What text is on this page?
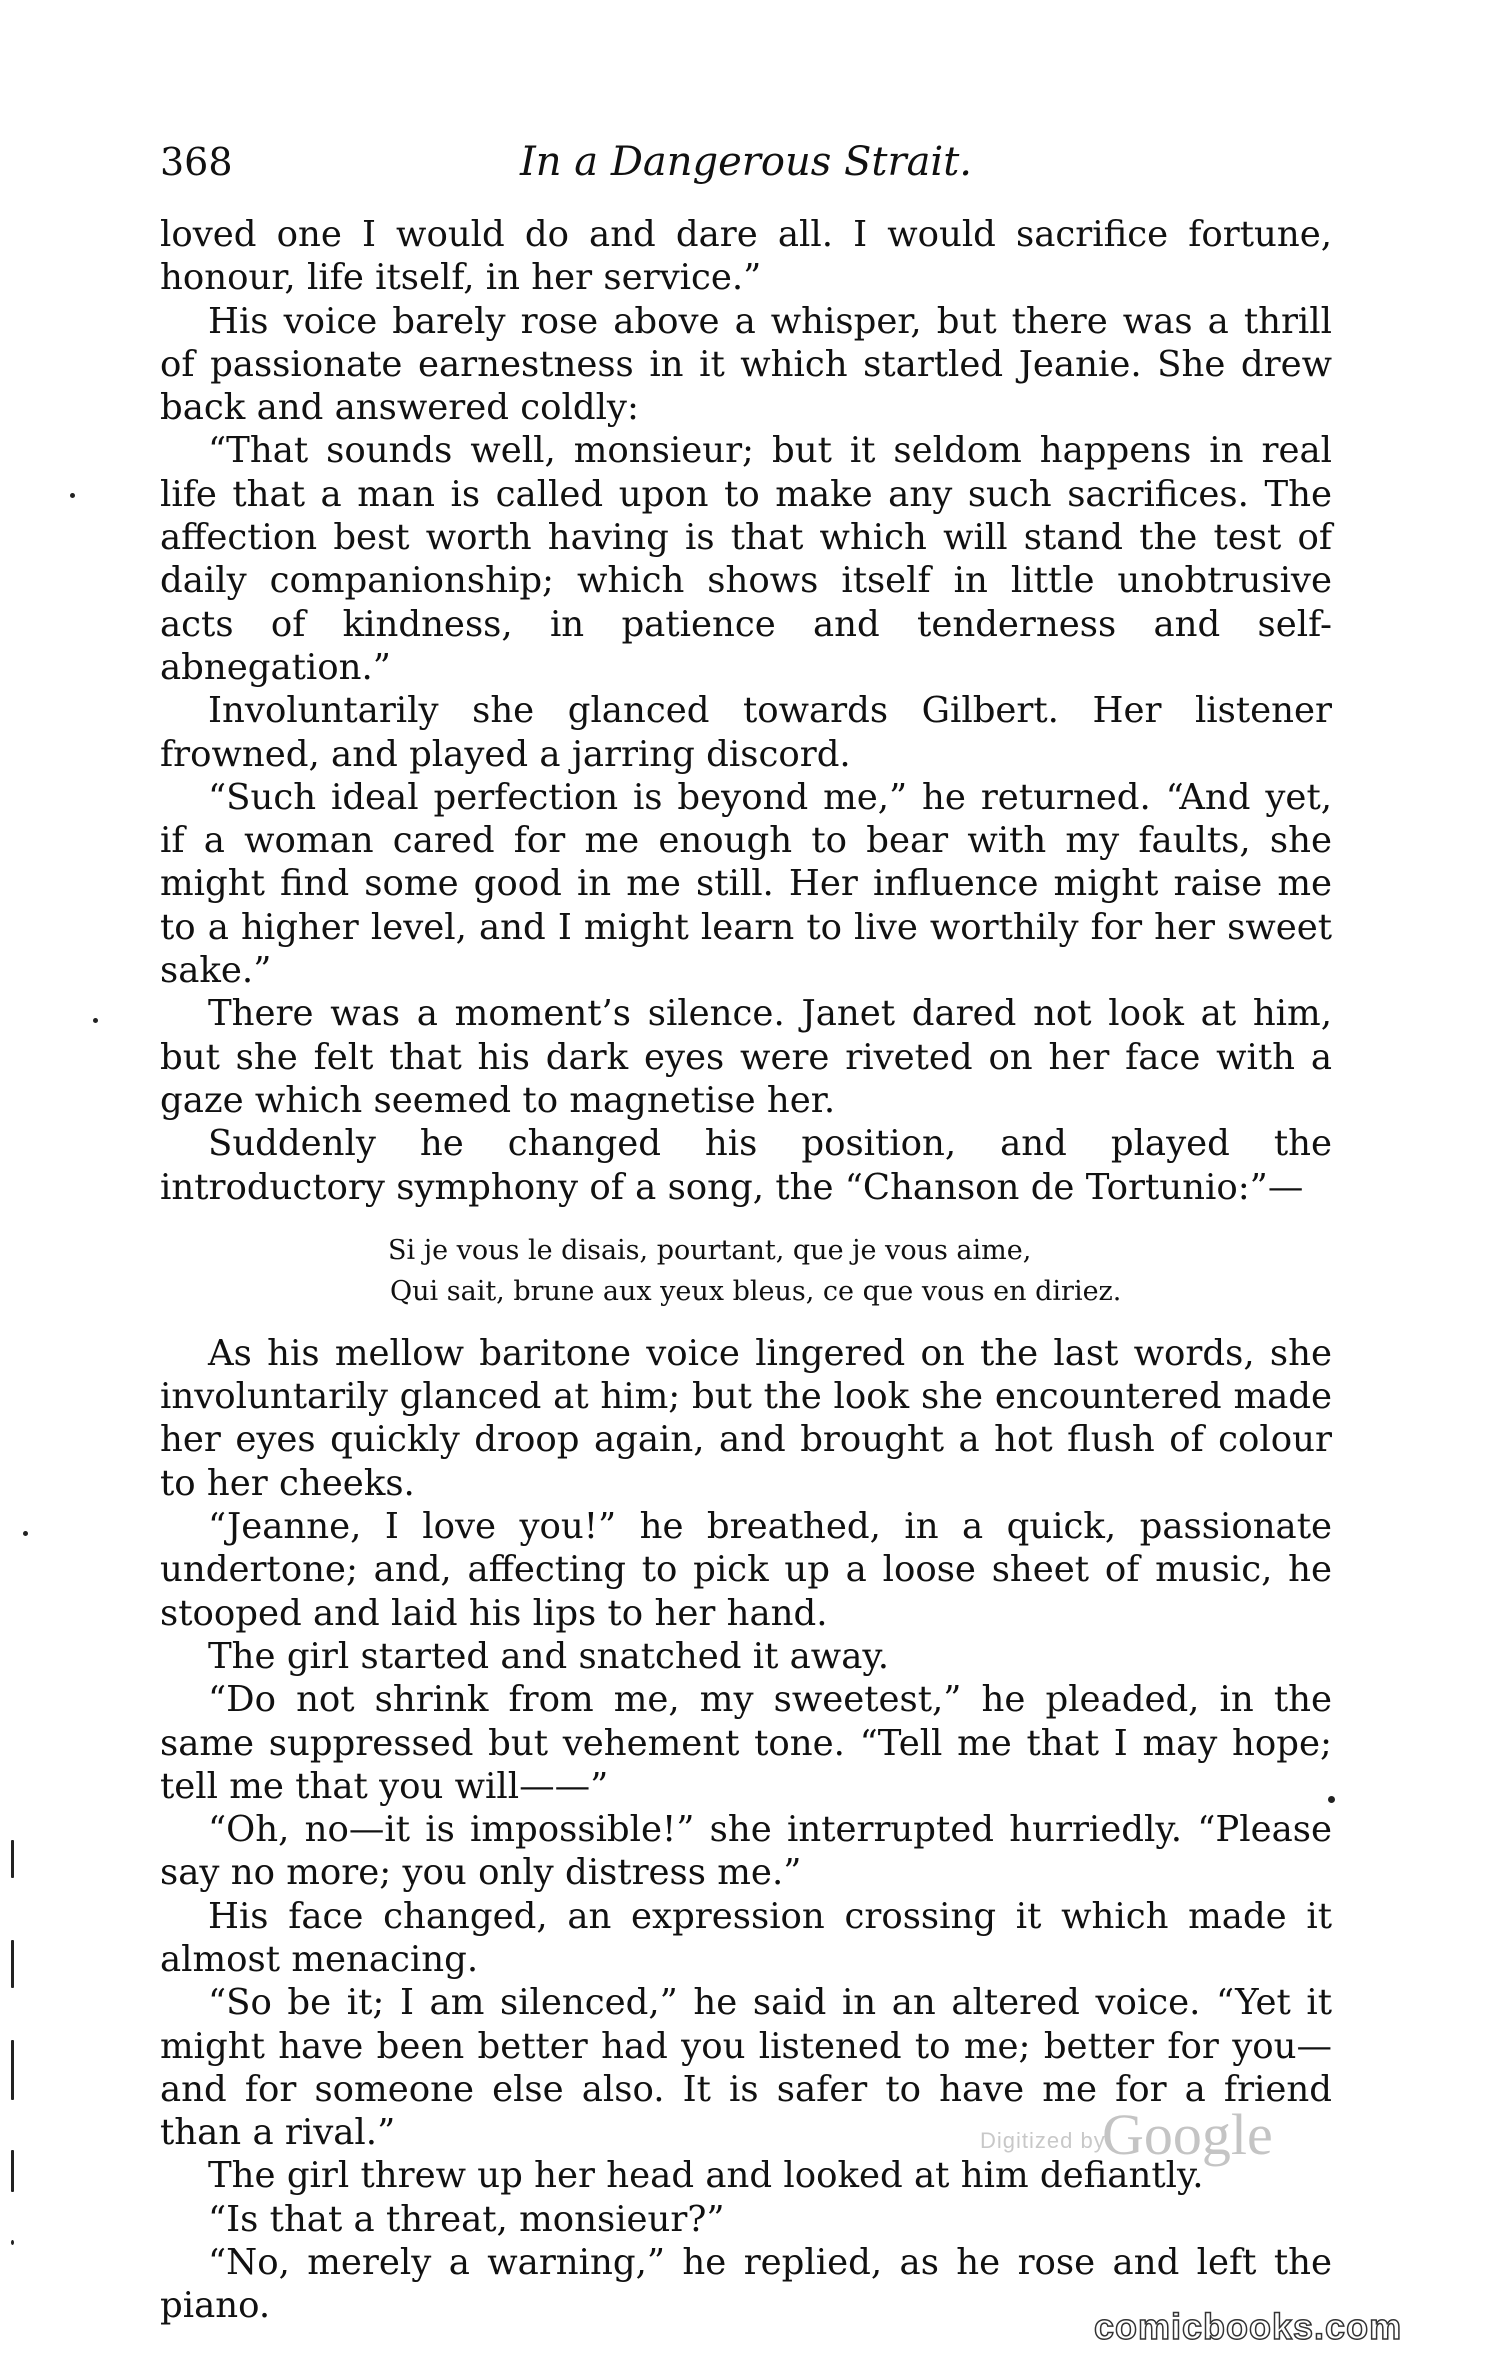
368	In a Dangerous Strait.

loved one I would do and dare all. I would sacrifice fortune, honour, life itself, in her service.”

His voice barely rose above a whisper, but there was a thrill of passionate earnestness in it which startled Jeanie. She drew back and answered coldly:

“That sounds well, monsieur; but it seldom happens in real life that a man is called upon to make any such sacrifices. The affection best worth having is that which will stand the test of daily companionship; which shows itself in little unobtrusive acts of kindness, in patience and tenderness and self-abnegation.”

Involuntarily she glanced towards Gilbert. Her listener frowned, and played a jarring discord.

“Such ideal perfection is beyond me,” he returned. “And yet, if a woman cared for me enough to bear with my faults, she might find some good in me still. Her influence might raise me to a higher level, and I might learn to live worthily for her sweet sake.”

There was a moment’s silence. Janet dared not look at him, but she felt that his dark eyes were riveted on her face with a gaze which seemed to magnetise her.

Suddenly he changed his position, and played the introductory symphony of a song, the “Chanson de Tortunio:”—

Si je vous le disais, pourtant, que je vous aime,
Qui sait, brune aux yeux bleus, ce que vous en diriez.

As his mellow baritone voice lingered on the last words, she involuntarily glanced at him; but the look she encountered made her eyes quickly droop again, and brought a hot flush of colour to her cheeks.

“Jeanne, I love you!” he breathed, in a quick, passionate undertone; and, affecting to pick up a loose sheet of music, he stooped and laid his lips to her hand.

The girl started and snatched it away.

“Do not shrink from me, my sweetest,” he pleaded, in the same suppressed but vehement tone. “Tell me that I may hope; tell me that you will——”

“Oh, no—it is impossible!” she interrupted hurriedly. “Please say no more; you only distress me.”

His face changed, an expression crossing it which made it almost menacing.

“So be it; I am silenced,” he said in an altered voice. “Yet it might have been better had you listened to me; better for you—and for someone else also. It is safer to have me for a friend than a rival.”

The girl threw up her head and looked at him defiantly.

“Is that a threat, monsieur?”

“No, merely a warning,” he replied, as he rose and left the piano.

Digitized by
Google
comicbooks.com
